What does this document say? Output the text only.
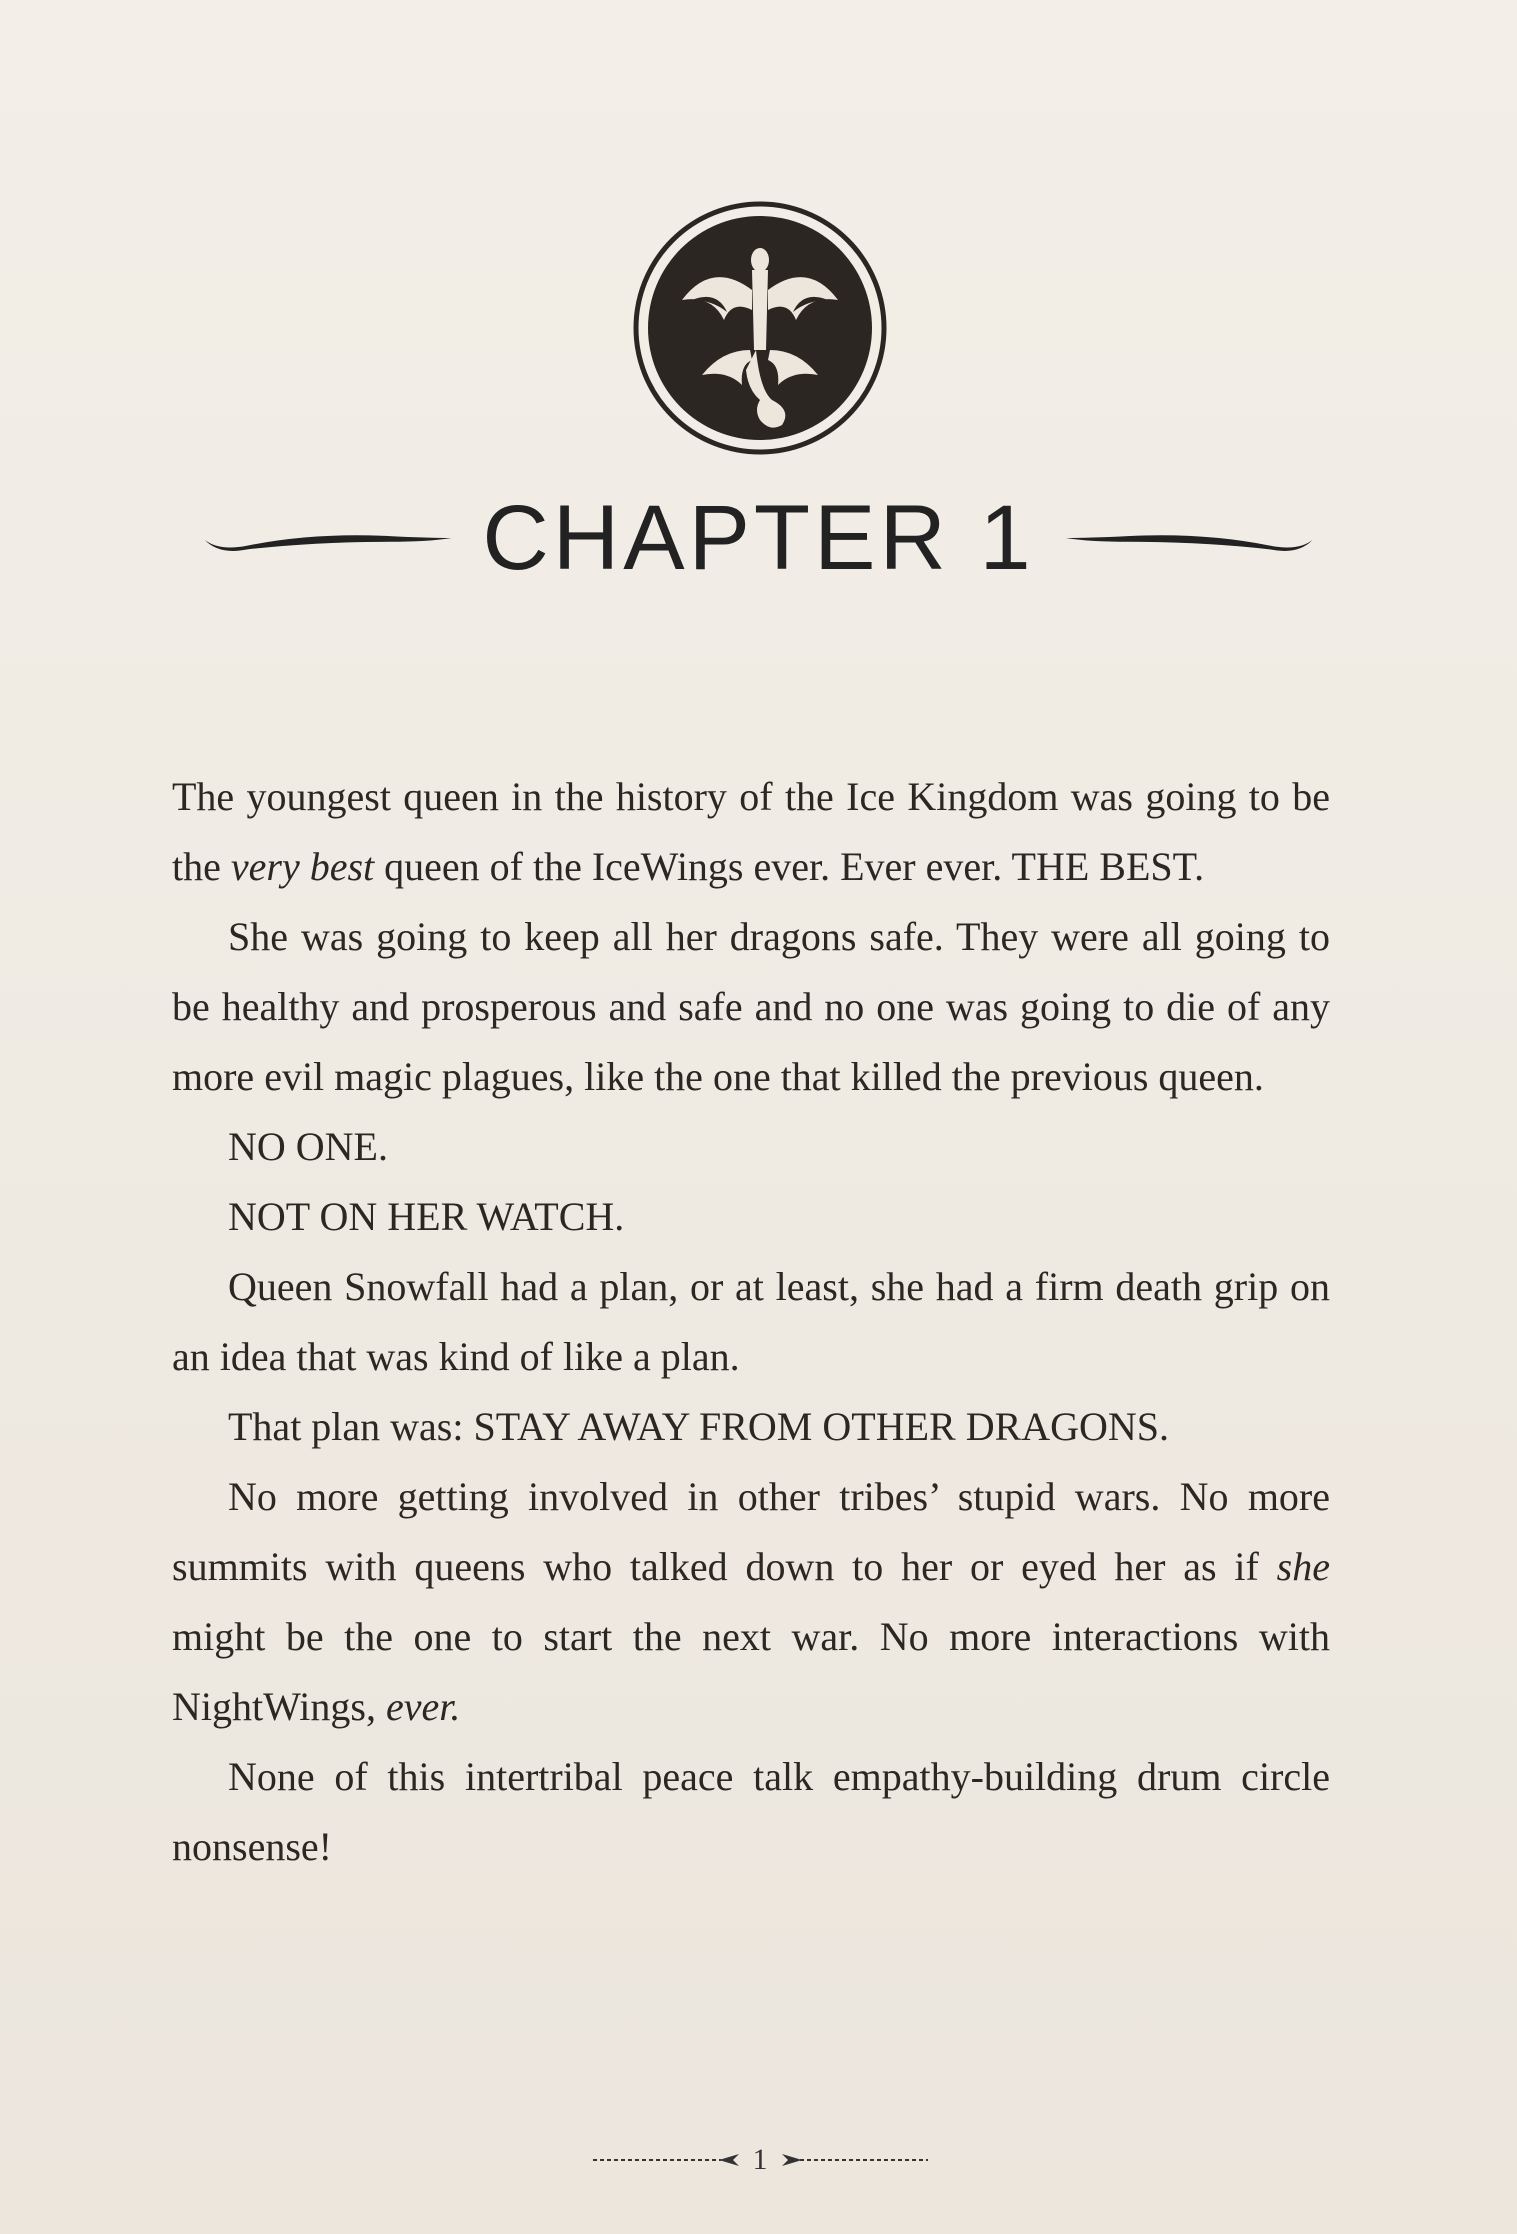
CHAPTER 1

The youngest queen in the history of the Ice Kingdom was going to be the very best queen of the IceWings ever. Ever ever. THE BEST.

She was going to keep all her dragons safe. They were all going to be healthy and prosperous and safe and no one was going to die of any more evil magic plagues, like the one that killed the previous queen.

NO ONE.

NOT ON HER WATCH.

Queen Snowfall had a plan, or at least, she had a firm death grip on an idea that was kind of like a plan.

That plan was: STAY AWAY FROM OTHER DRAGONS.

No more getting involved in other tribes’ stupid wars. No more summits with queens who talked down to her or eyed her as if she might be the one to start the next war. No more interactions with NightWings, ever.

None of this intertribal peace talk empathy-building drum circle nonsense!

1
